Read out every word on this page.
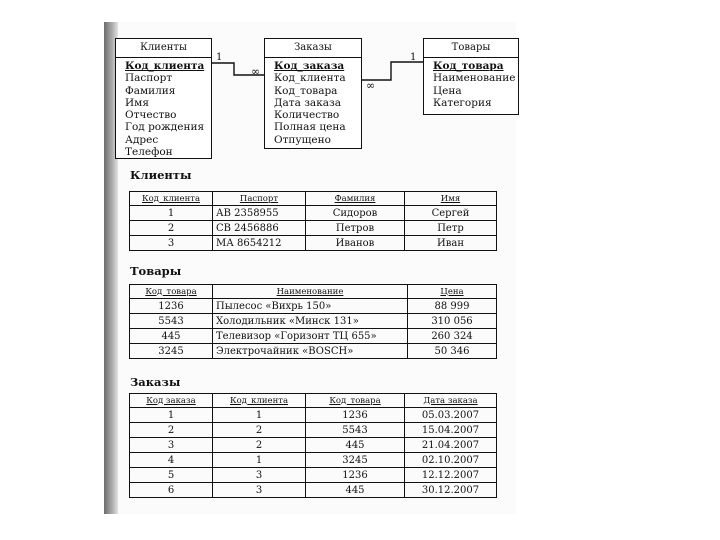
1
∞
1
∞
Клиенты
Код_клиента
Паспорт
Фамилия
Имя
Отчество
Год рождения
Адрес
Телефон
Заказы
Код_заказа
Код_клиента
Код_товара
Дата заказа
Количество
Полная цена
Отпущено
Товары
Код_товара
Наименование
Цена
Категория
Клиенты
Код_клиента	Паспорт	Фамилия	Имя
1	АВ 2358955	Сидоров	Сергей
2	СВ 2456886	Петров	Петр
3	МА 8654212	Иванов	Иван
Товары
Код_товара	Наименование	Цена
1236	Пылесос «Вихрь 150»	88 999
5543	Холодильник «Минск 131»	310 056
445	Телевизор «Горизонт ТЦ 655»	260 324
3245	Электрочайник «BOSCH»	50 346
Заказы
Код заказа	Код_клиента	Код_товара	Дата заказа
1	1	1236	05.03.2007
2	2	5543	15.04.2007
3	2	445	21.04.2007
4	1	3245	02.10.2007
5	3	1236	12.12.2007
6	3	445	30.12.2007
